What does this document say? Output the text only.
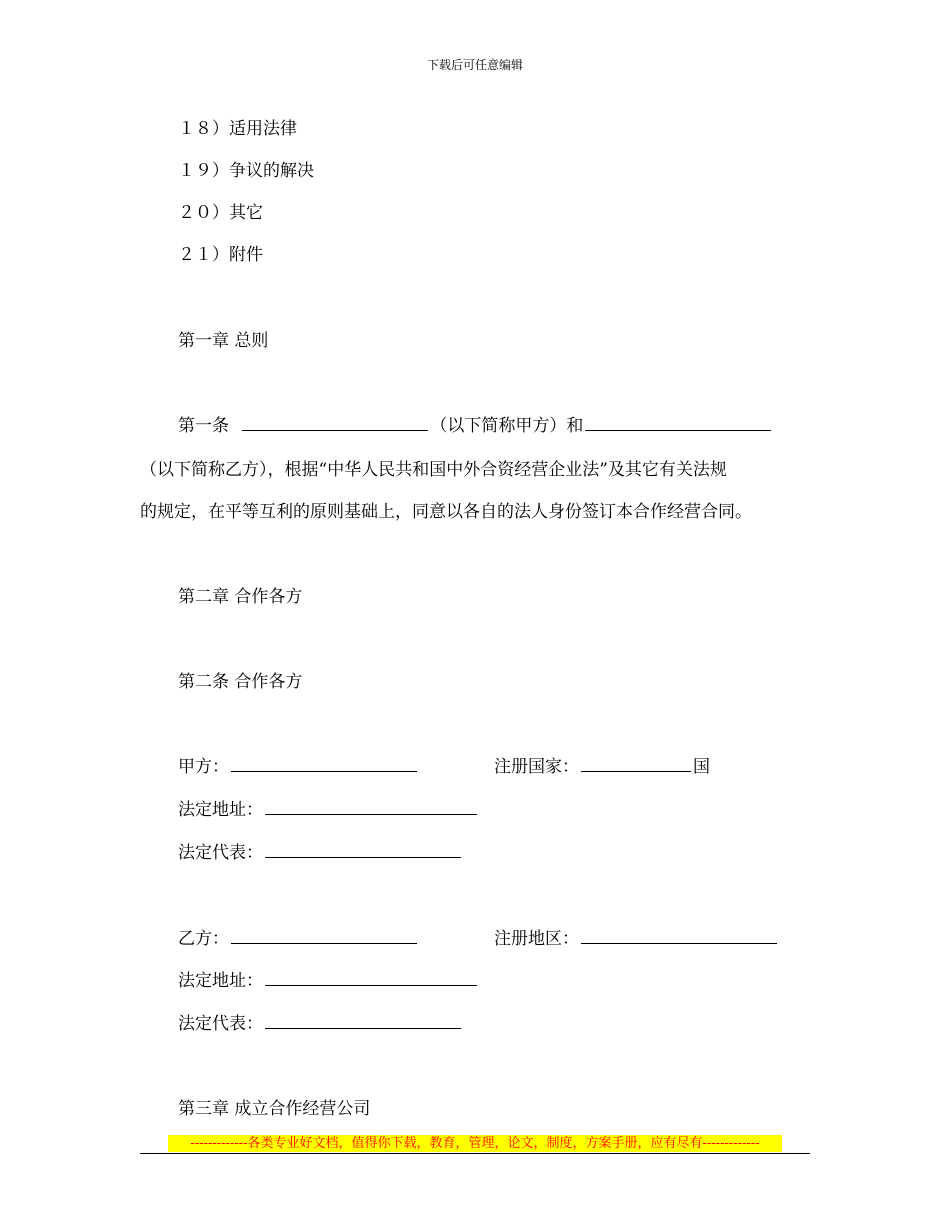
下载后可任意编辑
１８）适用法律
１９）争议的解决
２０）其它
２１）附件
第一章 总则
第一条	（以下简称甲方）和
（以下简称乙方），根据“中华人民共和国中外合资经营企业法”及其它有关法规
的规定，在平等互利的原则基础上，同意以各自的法人身份签订本合作经营合同。
第二章 合作各方
第二条 合作各方
甲方：	注册国家：	国
法定地址：
法定代表：
乙方：	注册地区：
法定地址：
法定代表：
第三章 成立合作经营公司
-------------各类专业好文档，值得你下载，教育，管理，论文，制度，方案手册，应有尽有-------------
